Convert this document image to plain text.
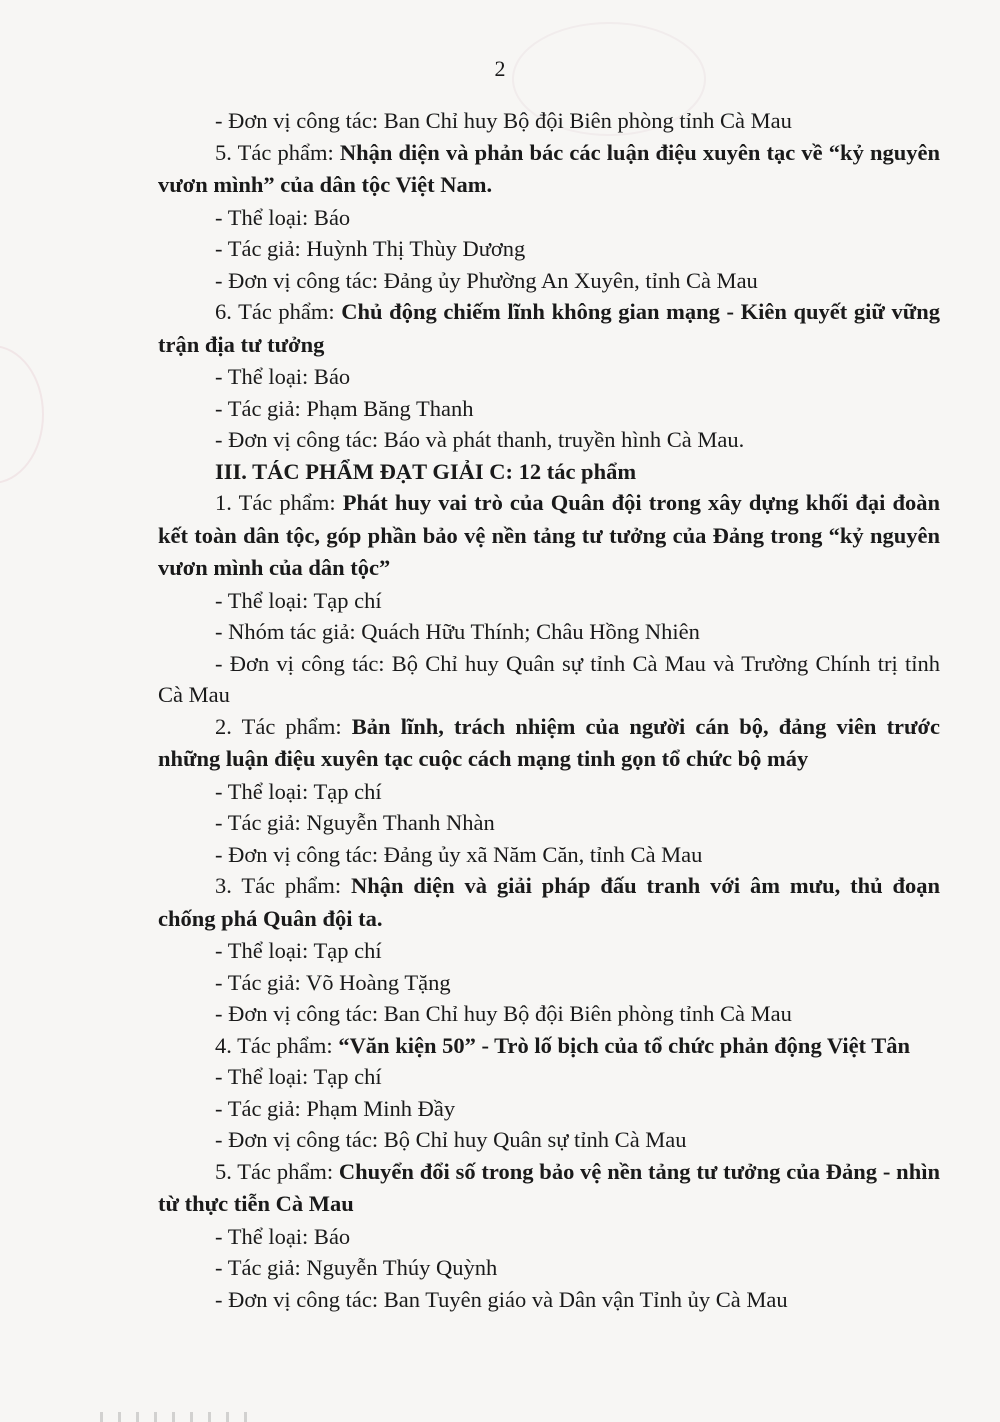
2

- Đơn vị công tác: Ban Chỉ huy Bộ đội Biên phòng tỉnh Cà Mau

5. Tác phẩm: Nhận diện và phản bác các luận điệu xuyên tạc về “kỷ nguyên vươn mình” của dân tộc Việt Nam.

- Thể loại: Báo

- Tác giả: Huỳnh Thị Thùy Dương

- Đơn vị công tác: Đảng ủy Phường An Xuyên, tỉnh Cà Mau

6. Tác phẩm: Chủ động chiếm lĩnh không gian mạng - Kiên quyết giữ vững trận địa tư tưởng

- Thể loại: Báo

- Tác giả: Phạm Băng Thanh

- Đơn vị công tác: Báo và phát thanh, truyền hình Cà Mau.

III. TÁC PHẨM ĐẠT GIẢI C: 12 tác phẩm

1. Tác phẩm: Phát huy vai trò của Quân đội trong xây dựng khối đại đoàn kết toàn dân tộc, góp phần bảo vệ nền tảng tư tưởng của Đảng trong “kỷ nguyên vươn mình của dân tộc”

- Thể loại: Tạp chí

- Nhóm tác giả: Quách Hữu Thính; Châu Hồng Nhiên

- Đơn vị công tác: Bộ Chỉ huy Quân sự tỉnh Cà Mau và Trường Chính trị tỉnh Cà Mau

2. Tác phẩm: Bản lĩnh, trách nhiệm của người cán bộ, đảng viên trước những luận điệu xuyên tạc cuộc cách mạng tinh gọn tổ chức bộ máy

- Thể loại: Tạp chí

- Tác giả: Nguyễn Thanh Nhàn

- Đơn vị công tác: Đảng ủy xã Năm Căn, tỉnh Cà Mau

3. Tác phẩm: Nhận diện và giải pháp đấu tranh với âm mưu, thủ đoạn chống phá Quân đội ta.

- Thể loại: Tạp chí

- Tác giả: Võ Hoàng Tặng

- Đơn vị công tác: Ban Chỉ huy Bộ đội Biên phòng tỉnh Cà Mau

4. Tác phẩm: “Văn kiện 50” - Trò lố bịch của tổ chức phản động Việt Tân

- Thể loại: Tạp chí

- Tác giả: Phạm Minh Đầy

- Đơn vị công tác: Bộ Chỉ huy Quân sự tỉnh Cà Mau

5. Tác phẩm: Chuyển đổi số trong bảo vệ nền tảng tư tưởng của Đảng - nhìn từ thực tiễn Cà Mau

- Thể loại: Báo

- Tác giả: Nguyễn Thúy Quỳnh

- Đơn vị công tác: Ban Tuyên giáo và Dân vận Tỉnh ủy Cà Mau
